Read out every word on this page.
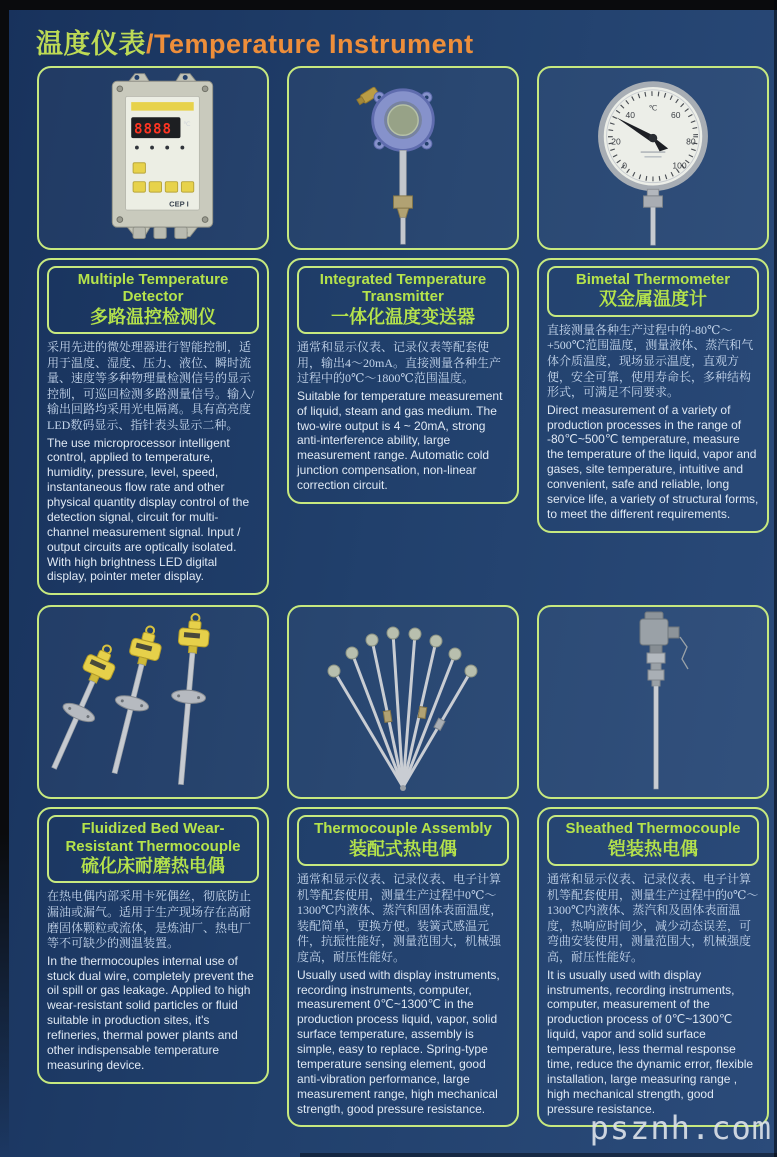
温度仪表/Temperature Instrument
8888 ℃
CEP I
Multiple Temperature Detector
多路温控检测仪

采用先进的微处理器进行智能控制，适用于温度、湿度、压力、液位、瞬时流量、速度等多种物理量检测信号的显示控制，可巡回检测多路测量信号。输入/输出回路均采用光电隔离。具有高亮度LED数码显示、指针表头显示二种。

The use microprocessor intelligent control, applied to temperature, humidity, pressure, level, speed, instantaneous flow rate and other physical quantity display control of the detection signal, circuit for multi-channel measurement signal. Input / output circuits are optically isolated. With high brightness LED digital display, pointer meter display.

Integrated Temperature Transmitter
一体化温度变送器

通常和显示仪表、记录仪表等配套使用，输出4～20mA。直接测量各种生产过程中的0℃～1800℃范围温度。

Suitable for temperature measurement of liquid, steam and gas medium. The two-wire output is 4 ~ 20mA, strong anti-interference ability, large measurement range. Automatic cold junction compensation, non-linear correction circuit.

0
20
40	60
80
100
℃
Bimetal Thermometer
双金属温度计

直接测量各种生产过程中的-80℃～+500℃范围温度，测量液体、蒸汽和气体介质温度，现场显示温度，直观方便，安全可靠，使用寿命长，多种结构形式，可满足不同要求。

Direct measurement of a variety of production processes in the range of -80℃~500℃ temperature, measure the temperature of the liquid, vapor and gases, site temperature, intuitive and convenient, safe and reliable, long service life, a variety of structural forms, to meet the different requirements.

Fluidized Bed Wear-Resistant Thermocouple
硫化床耐磨热电偶

在热电偶内部采用卡死偶丝，彻底防止漏油或漏气。适用于生产现场存在高耐磨固体颗粒或流体，是炼油厂、热电厂等不可缺少的测温装置。

In the thermocouples internal use of stuck dual wire, completely prevent the oil spill or gas leakage. Applied to high wear-resistant solid particles or fluid suitable in production sites, it's refineries, thermal power plants and other indispensable temperature measuring device.

Thermocouple Assembly
装配式热电偶

通常和显示仪表、记录仪表、电子计算机等配套使用，测量生产过程中0℃～1300℃内液体、蒸汽和固体表面温度，装配简单，更换方便。装簧式感温元件，抗振性能好，测量范围大，机械强度高，耐压性能好。

Usually used with display instruments, recording instruments, computer, measurement 0℃~1300℃ in the production process liquid, vapor, solid surface temperature, assembly is simple, easy to replace. Spring-type temperature sensing element, good anti-vibration performance, large measurement range, high mechanical strength, good pressure resistance.

Sheathed Thermocouple
铠装热电偶

通常和显示仪表、记录仪表、电子计算机等配套使用，测量生产过程中的0℃～1300℃内液体、蒸汽和及固体表面温度，热响应时间少，减少动态误差，可弯曲安装使用，测量范围大，机械强度高，耐压性能好。

It is usually used with display instruments, recording instruments, computer, measurement of the production process of 0℃~1300℃ liquid, vapor and solid surface temperature, less thermal response time, reduce the dynamic error, flexible installation, large measuring range , high mechanical strength, good pressure resistance.

psznh.com
